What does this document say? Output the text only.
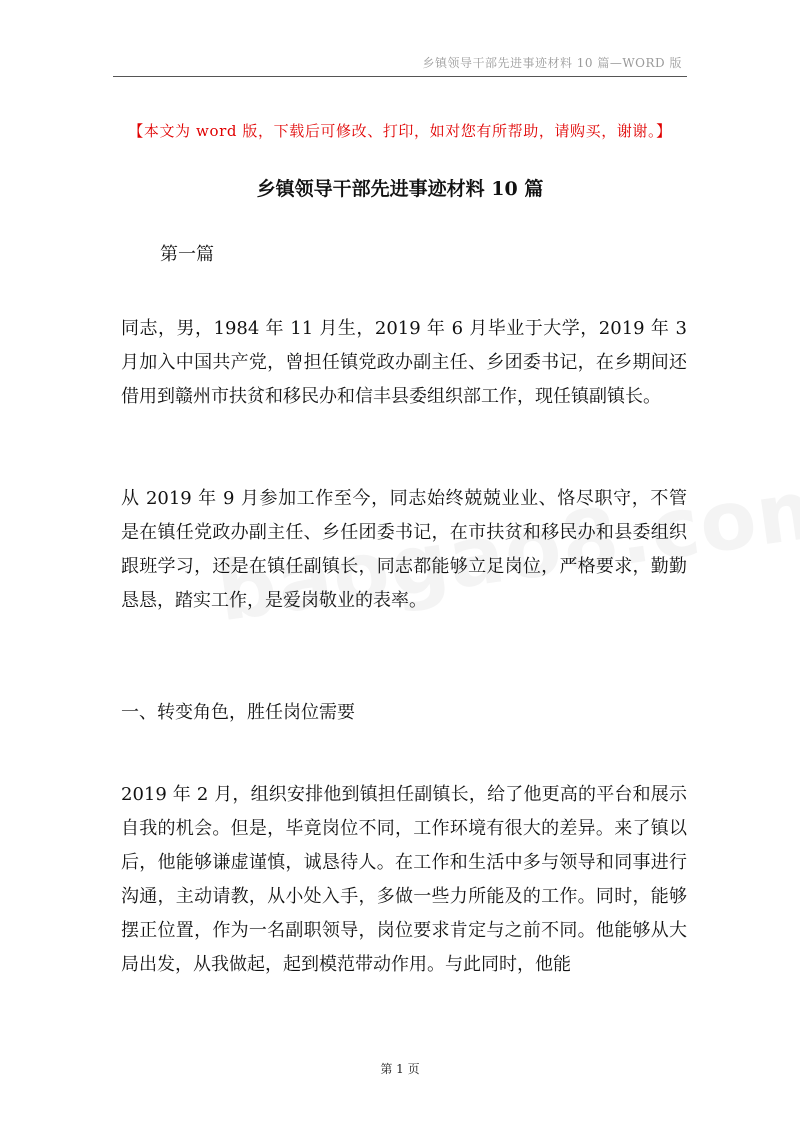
乡镇领导干部先进事迹材料 10 篇—WORD 版
【本文为 word 版，下载后可修改、打印，如对您有所帮助，请购买，谢谢。】
乡镇领导干部先进事迹材料 10 篇
第一篇

同志，男，1984 年 11 月生，2019 年 6 月毕业于大学，2019 年 3 月加入中国共产党，曾担任镇党政办副主任、乡团委书记，在乡期间还借用到赣州市扶贫和移民办和信丰县委组织部工作，现任镇副镇长。

从 2019 年 9 月参加工作至今，同志始终兢兢业业、恪尽职守，不管是在镇任党政办副主任、乡任团委书记，在市扶贫和移民办和县委组织跟班学习，还是在镇任副镇长，同志都能够立足岗位，严格要求，勤勤恳恳，踏实工作，是爱岗敬业的表率。

一、转变角色，胜任岗位需要

2019 年 2 月，组织安排他到镇担任副镇长，给了他更高的平台和展示自我的机会。但是，毕竟岗位不同，工作环境有很大的差异。来了镇以后，他能够谦虚谨慎，诚恳待人。在工作和生活中多与领导和同事进行沟通，主动请教，从小处入手，多做一些力所能及的工作。同时，能够摆正位置，作为一名副职领导，岗位要求肯定与之前不同。他能够从大局出发，从我做起，起到模范带动作用。与此同时，他能

第 1 页
